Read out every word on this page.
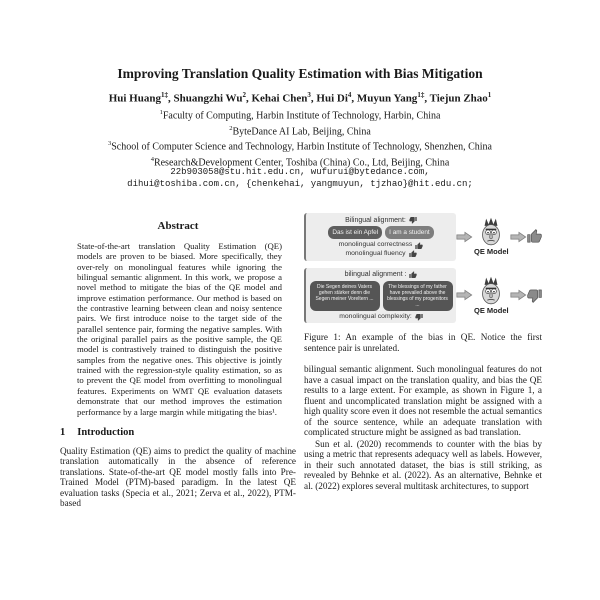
Improving Translation Quality Estimation with Bias Mitigation
Hui Huang$^{1\ddagger}$, Shuangzhi Wu$^2$, Kehai Chen$^3$, Hui Di$^4$, Muyun Yang$^{1\ddagger}$, Tiejun Zhao$^1$
$^1$Faculty of Computing, Harbin Institute of Technology, Harbin, China
$^2$ByteDance AI Lab, Beijing, China
$^3$School of Computer Science and Technology, Harbin Institute of Technology, Shenzhen, China
$^4$Research&Development Center, Toshiba (China) Co., Ltd, Beijing, China
22b903058@stu.hit.edu.cn, wufurui@bytedance.com,
dihui@toshiba.com.cn, {chenkehai, yangmuyun, tjzhao}@hit.edu.cn;
Abstract
State-of-the-art translation Quality Estimation (QE) models are proven to be biased. More specifically, they over-rely on monolingual features while ignoring the bilingual semantic alignment. In this work, we propose a novel method to mitigate the bias of the QE model and improve estimation performance. Our method is based on the contrastive learning between clean and noisy sentence pairs. We first introduce noise to the target side of the parallel sentence pair, forming the negative samples. With the original parallel pairs as the positive sample, the QE model is contrastively trained to distinguish the positive samples from the negative ones. This objective is jointly trained with the regression-style quality estimation, so as to prevent the QE model from overfitting to monolingual features. Experiments on WMT QE evaluation datasets demonstrate that our method improves the estimation performance by a large margin while mitigating the bias¹.
1 Introduction
Quality Estimation (QE) aims to predict the quality of machine translation automatically in the absence of reference translations. State-of-the-art QE model mostly falls into Pre-Trained Model (PTM)-based paradigm. In the latest QE evaluation tasks (Specia et al., 2021; Zerva et al., 2022), PTM-based
Bilingual alignment:
Das ist ein Apfel	I am a student
monolingual correctness
monolingual fluency	QE Model
bilingual alignment :
Die Segen deines Vaters gehen stärker denn die Segen meiner Voreltern ...
The blessings of my father have prevailed above the blessings of my progenitors ...
monolingual complexity:
QE Model
Figure 1: An example of the bias in QE. Notice the first sentence pair is unrelated.

bilingual semantic alignment. Such monolingual features do not have a casual impact on the translation quality, and bias the QE results to a large extent. For example, as shown in Figure 1, a fluent and uncomplicated translation might be assigned with a high quality score even it does not resemble the actual semantics of the source sentence, while an adequate translation with complicated structure might be assigned as bad translation.

Sun et al. (2020) recommends to counter with the bias by using a metric that represents adequacy well as labels. However, in their such annotated dataset, the bias is still striking, as revealed by Behnke et al. (2022). As an alternative, Behnke et al. (2022) explores several multitask architectures, to support
